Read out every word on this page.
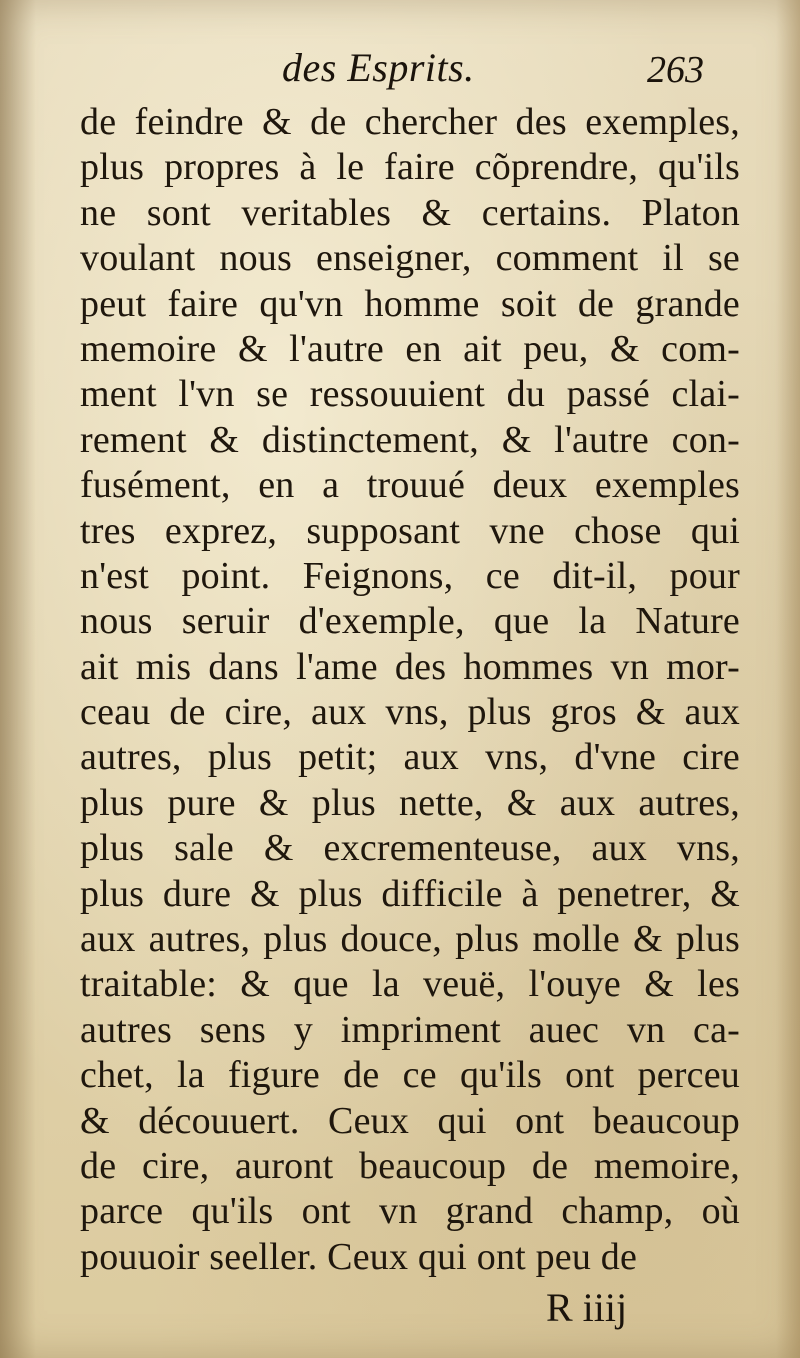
des Esprits.	263
de feindre & de chercher des exemples,
plus propres à le faire cõprendre, qu'ils
ne sont veritables & certains. Platon
voulant nous enseigner, comment il se
peut faire qu'vn homme soit de grande
memoire & l'autre en ait peu, & com-
ment l'vn se ressouuient du passé clai-
rement & distinctement, & l'autre con-
fusément, en a trouué deux exemples
tres exprez, supposant vne chose qui
n'est point. Feignons, ce dit-il, pour
nous seruir d'exemple, que la Nature
ait mis dans l'ame des hommes vn mor-
ceau de cire, aux vns, plus gros & aux
autres, plus petit; aux vns, d'vne cire
plus pure & plus nette, & aux autres,
plus sale & excrementeuse, aux vns,
plus dure & plus difficile à penetrer, &
aux autres, plus douce, plus molle & plus
traitable: & que la veuë, l'ouye & les
autres sens y impriment auec vn ca-
chet, la figure de ce qu'ils ont perceu
& découuert. Ceux qui ont beaucoup
de cire, auront beaucoup de memoire,
parce qu'ils ont vn grand champ, où
pouuoir seeller. Ceux qui ont peu de
R iiij
